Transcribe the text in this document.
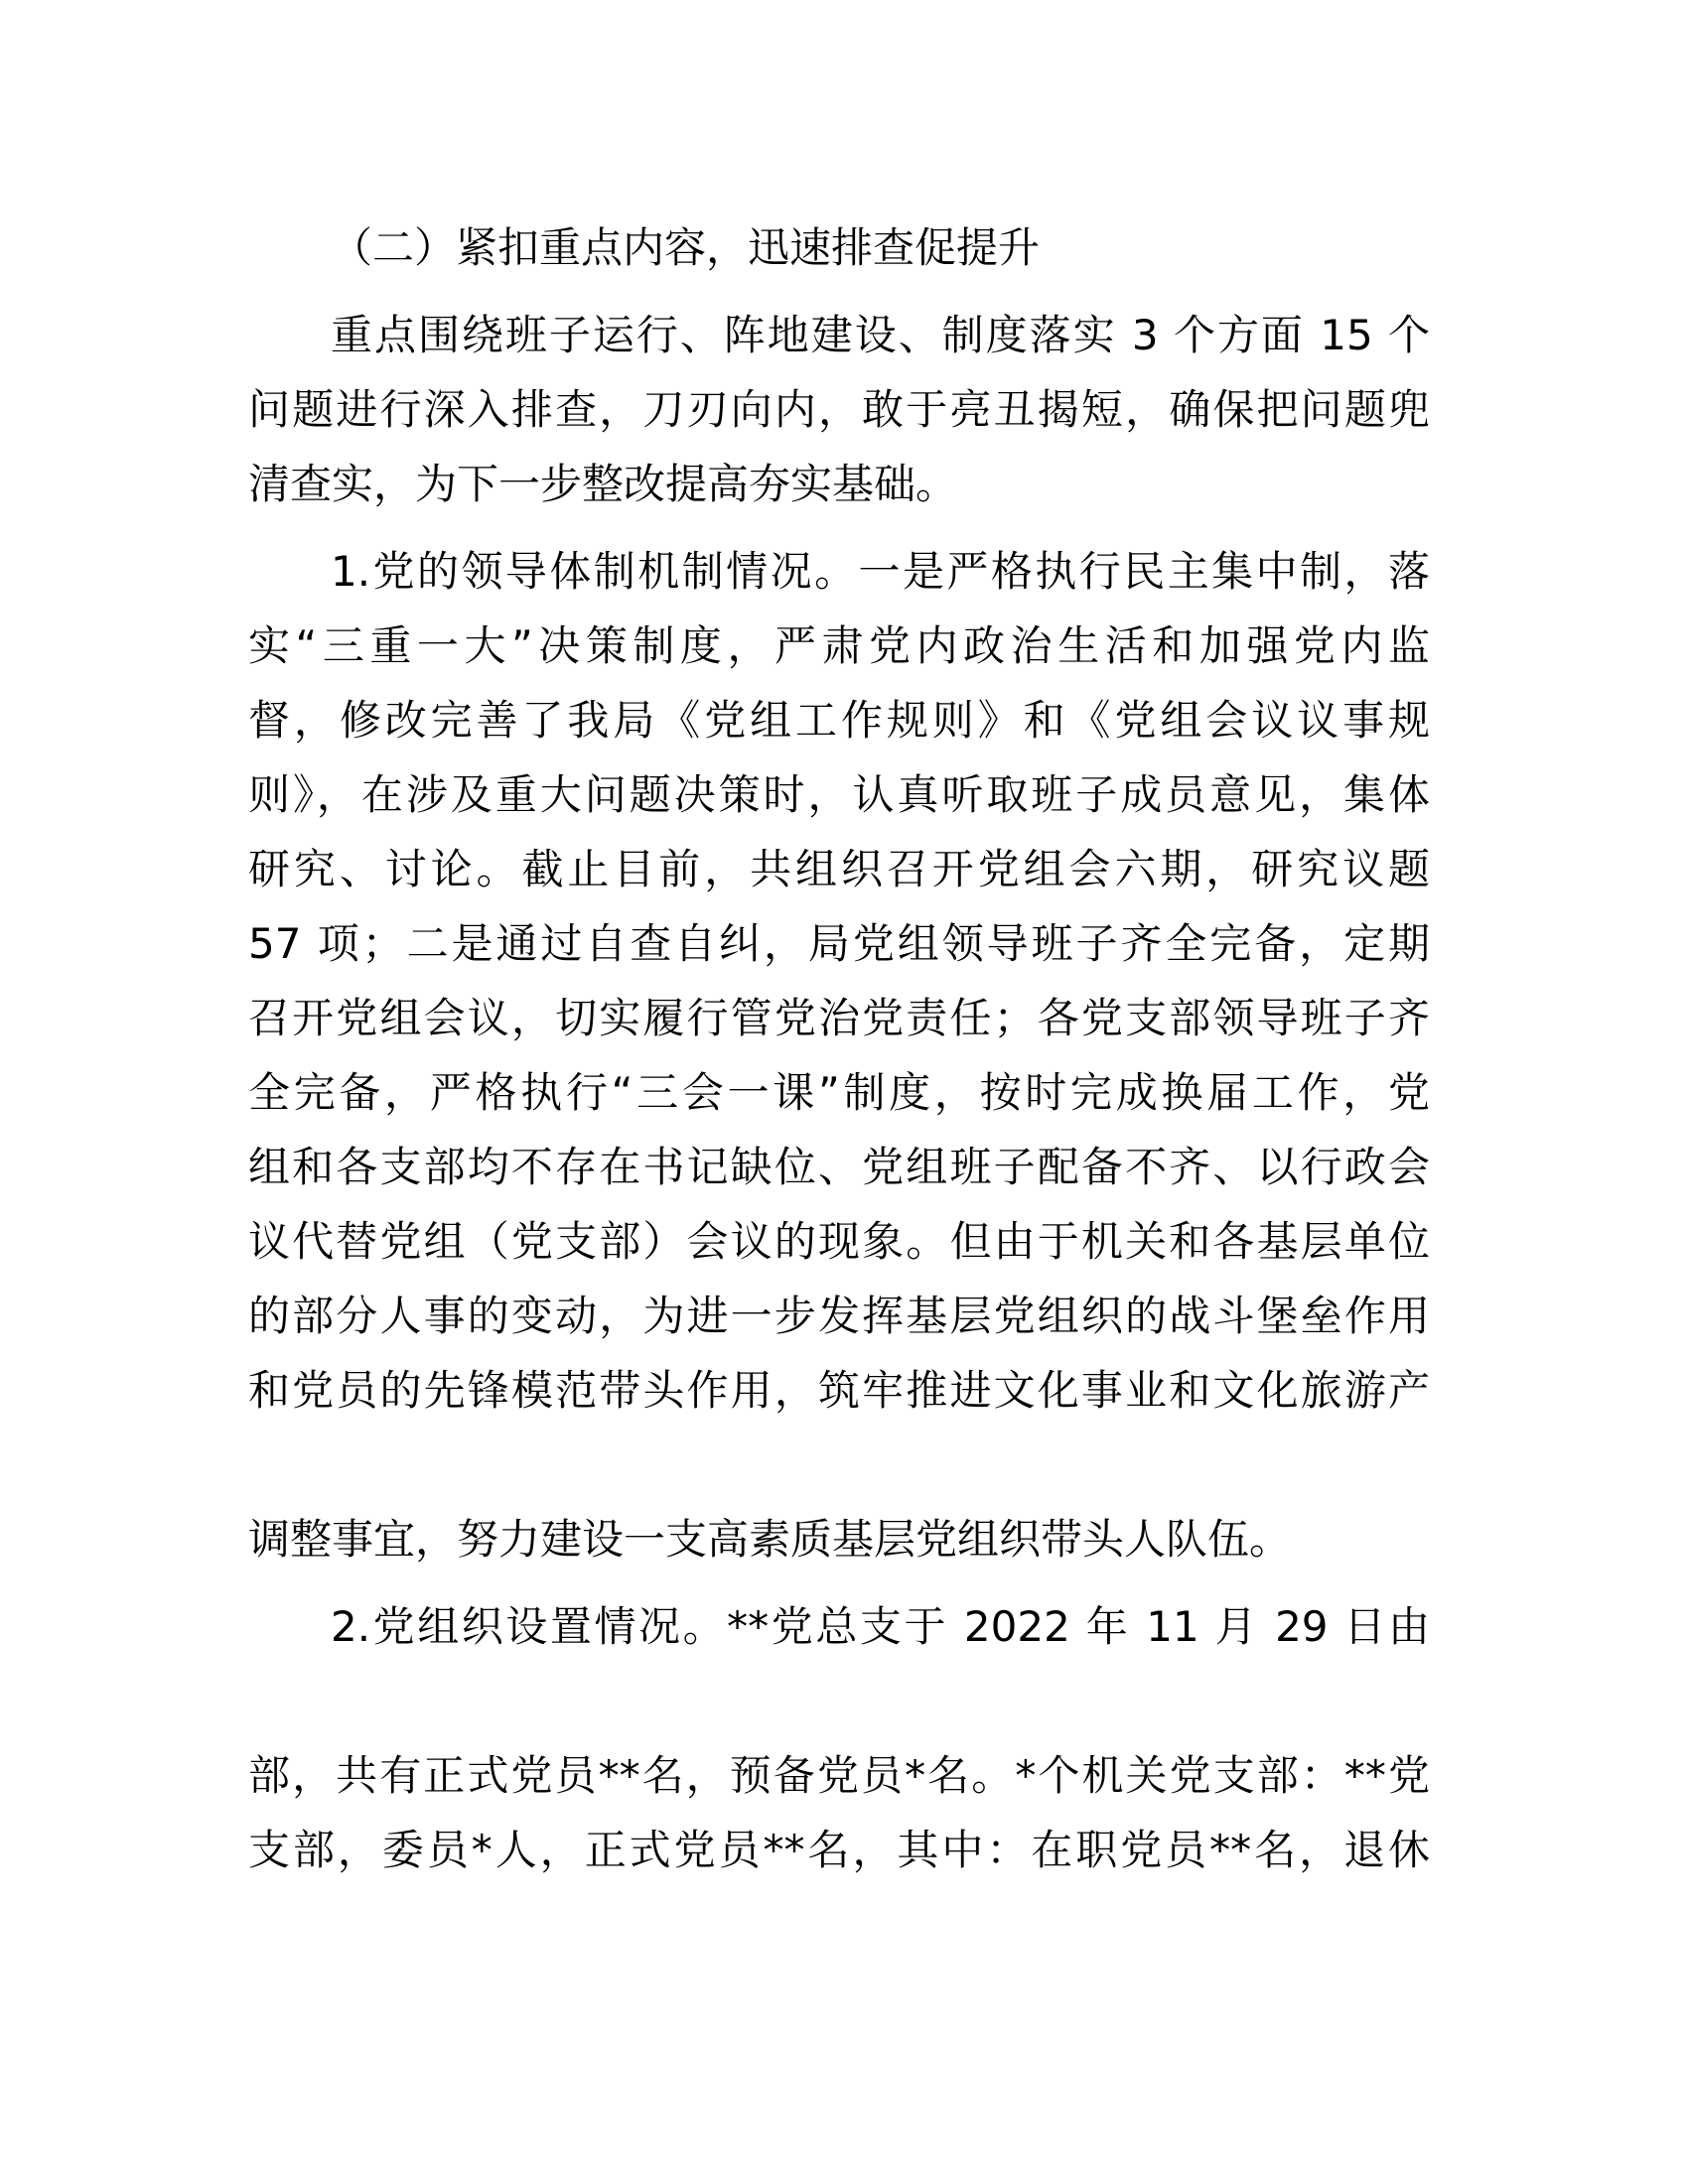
（二）紧扣重点内容，迅速排查促提升
重点围绕班子运行、阵地建设、制度落实 3 个方面 15 个
问题进行深入排查，刀刃向内，敢于亮丑揭短，确保把问题兜
清查实，为下一步整改提高夯实基础。
1.党的领导体制机制情况。一是严格执行民主集中制，落
实“三重一大”决策制度，严肃党内政治生活和加强党内监
督，修改完善了我局《党组工作规则》和《党组会议议事规
则》，在涉及重大问题决策时，认真听取班子成员意见，集体
研究、讨论。截止目前，共组织召开党组会六期，研究议题
57 项；二是通过自查自纠，局党组领导班子齐全完备，定期
召开党组会议，切实履行管党治党责任；各党支部领导班子齐
全完备，严格执行“三会一课”制度，按时完成换届工作，党
组和各支部均不存在书记缺位、党组班子配备不齐、以行政会
议代替党组（党支部）会议的现象。但由于机关和各基层单位
的部分人事的变动，为进一步发挥基层党组织的战斗堡垒作用
和党员的先锋模范带头作用，筑牢推进文化事业和文化旅游产
调整事宜，努力建设一支高素质基层党组织带头人队伍。
2.党组织设置情况。**党总支于 2022 年 11 月 29 日由
部，共有正式党员**名，预备党员*名。*个机关党支部：**党
支部，委员*人，正式党员**名，其中：在职党员**名，退休
